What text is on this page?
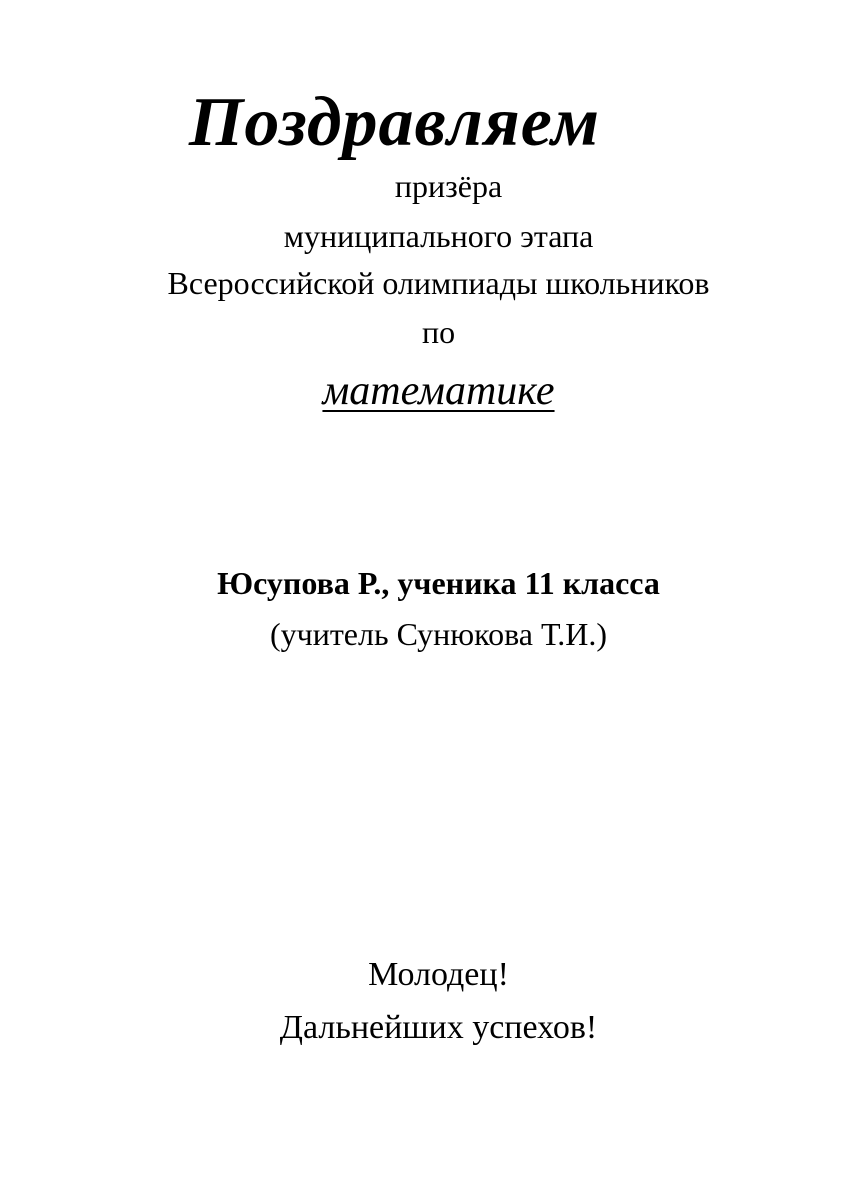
Поздравляем
призёра
муниципального этапа
Всероссийской олимпиады школьников
по
математике
Юсупова Р., ученика 11 класса
(учитель Сунюкова Т.И.)
Молодец!
Дальнейших успехов!
